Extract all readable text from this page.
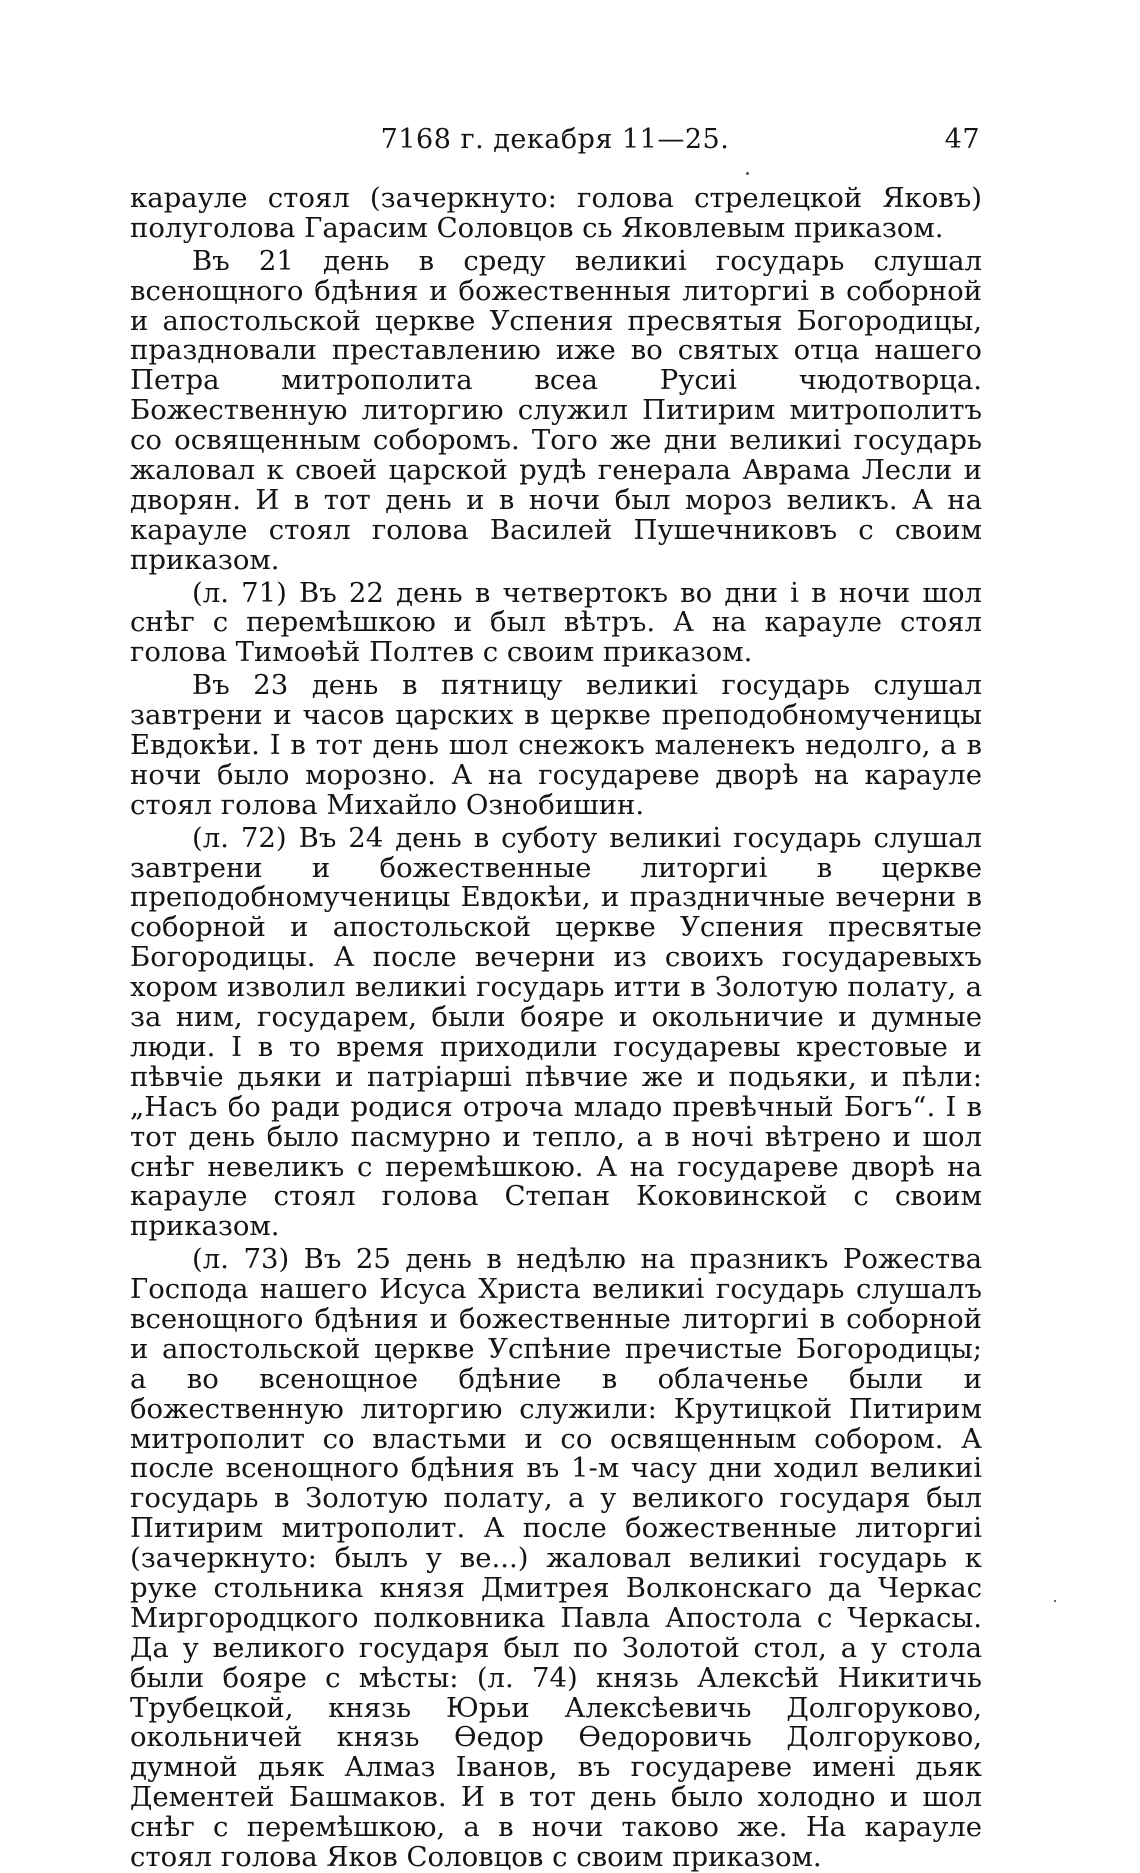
7168 г. декабря 11—25.	47

карауле стоял (зачеркнуто: голова стрелецкой Яковъ) полуголова Гарасим Соловцов сь Яковлевым приказом.

Въ 21 день в среду великиі государь слушал всенощного бдѣния и божественныя литоргиі в соборной и апостольской церкве Успения пресвятыя Богородицы, праздновали преставлению иже во святых отца нашего Петра митрополита всеа Русиі чюдотворца. Божественную литоргию служил Питирим митрополитъ со освященным соборомъ. Того же дни великиі государь жаловал к своей царской рудѣ генерала Аврама Лесли и дворян. И в тот день и в ночи был мороз великъ. А на карауле стоял голова Василей Пушечниковъ с своим приказом.

(л. 71) Въ 22 день в четвертокъ во дни і в ночи шол снѣг с перемѣшкою и был вѣтръ. А на карауле стоял голова Тимоѳѣй Полтев с своим приказом.

Въ 23 день в пятницу великиі государь слушал завтрени и часов царских в церкве преподобномученицы Евдокѣи. І в тот день шол снежокъ маленекъ недолго, а в ночи было морозно. А на государеве дворѣ на карауле стоял голова Михайло Ознобишин.

(л. 72) Въ 24 день в суботу великиі государь слушал завтрени и божественные литоргиі в церкве преподобномученицы Евдокѣи, и праздничные вечерни в соборной и апостольской церкве Успения пресвятые Богородицы. А после вечерни из своихъ государевыхъ хором изволил великиі государь итти в Золотую полату, а за ним, государем, были бояре и окольничие и думные люди. І в то время приходили государевы крестовые и пѣвчіе дьяки и патріаршi пѣвчие же и подьяки, и пѣли: „Насъ бо ради родися отроча младо превѣчный Богъ“. І в тот день было пасмурно и тепло, а в ночі вѣтрено и шол снѣг невеликъ с перемѣшкою. А на государеве дворѣ на карауле стоял голова Степан Коковинской с своим приказом.

(л. 73) Въ 25 день в недѣлю на празникъ Рожества Господа нашего Исуса Христа великиі государь слушалъ всенощного бдѣния и божественные литоргиі в соборной и апостольской церкве Успѣние пречистые Богородицы; а во всенощное бдѣние в облаченье были и божественную литоргию служили: Крутицкой Питирим митрополит со властьми и со освященным собором. А после всенощного бдѣния въ 1-м часу дни ходил великиі государь в Золотую полату, а у великого государя был Питирим митрополит. А после божественные литоргиі (зачеркнуто: былъ у ве...) жаловал великиі государь к руке стольника князя Дмитрея Волконскаго да Черкас Миргородцкого полковника Павла Апостола с Черкасы. Да у великого государя был по Золотой стол, а у стола были бояре с мѣсты: (л. 74) князь Алексѣй Никитичь Трубецкой, князь Юрьи Алексѣевичь Долгоруково, окольничей князь Ѳедор Ѳедоровичь Долгоруково, думной дьяк Алмаз Іванов, въ государеве имені дьяк Дементей Башмаков. И в тот день было холодно и шол снѣг с перемѣшкою, а в ночи таково же. На карауле стоял голова Яков Соловцов с своим приказом.
